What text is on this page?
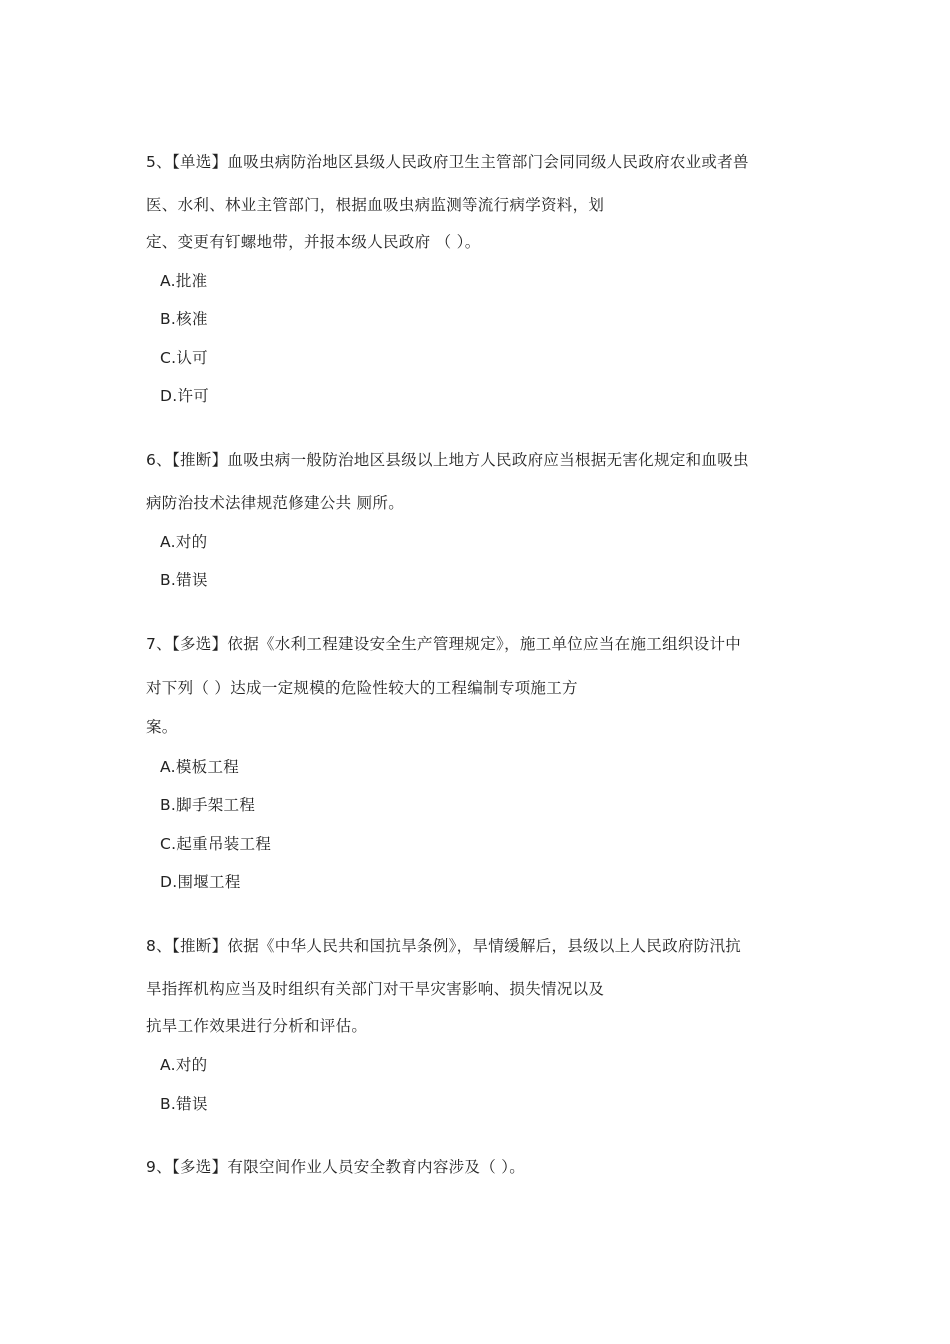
5、【单选】血吸虫病防治地区县级人民政府卫生主管部门会同同级人民政府农业或者兽
医、水利、林业主管部门，根据血吸虫病监测等流行病学资料，划
定、变更有钉螺地带，并报本级人民政府 （ ）。
A.批准
B.核准
C.认可
D.许可
6、【推断】血吸虫病一般防治地区县级以上地方人民政府应当根据无害化规定和血吸虫
病防治技术法律规范修建公共 厕所。
A.对的
B.错误
7、【多选】依据《水利工程建设安全生产管理规定》，施工单位应当在施工组织设计中
对下列（ ）达成一定规模的危险性较大的工程编制专项施工方
案。
A.模板工程
B.脚手架工程
C.起重吊装工程
D.围堰工程
8、【推断】依据《中华人民共和国抗旱条例》，旱情缓解后，县级以上人民政府防汛抗
旱指挥机构应当及时组织有关部门对干旱灾害影响、损失情况以及
抗旱工作效果进行分析和评估。
A.对的
B.错误
9、【多选】有限空间作业人员安全教育内容涉及（ ）。
